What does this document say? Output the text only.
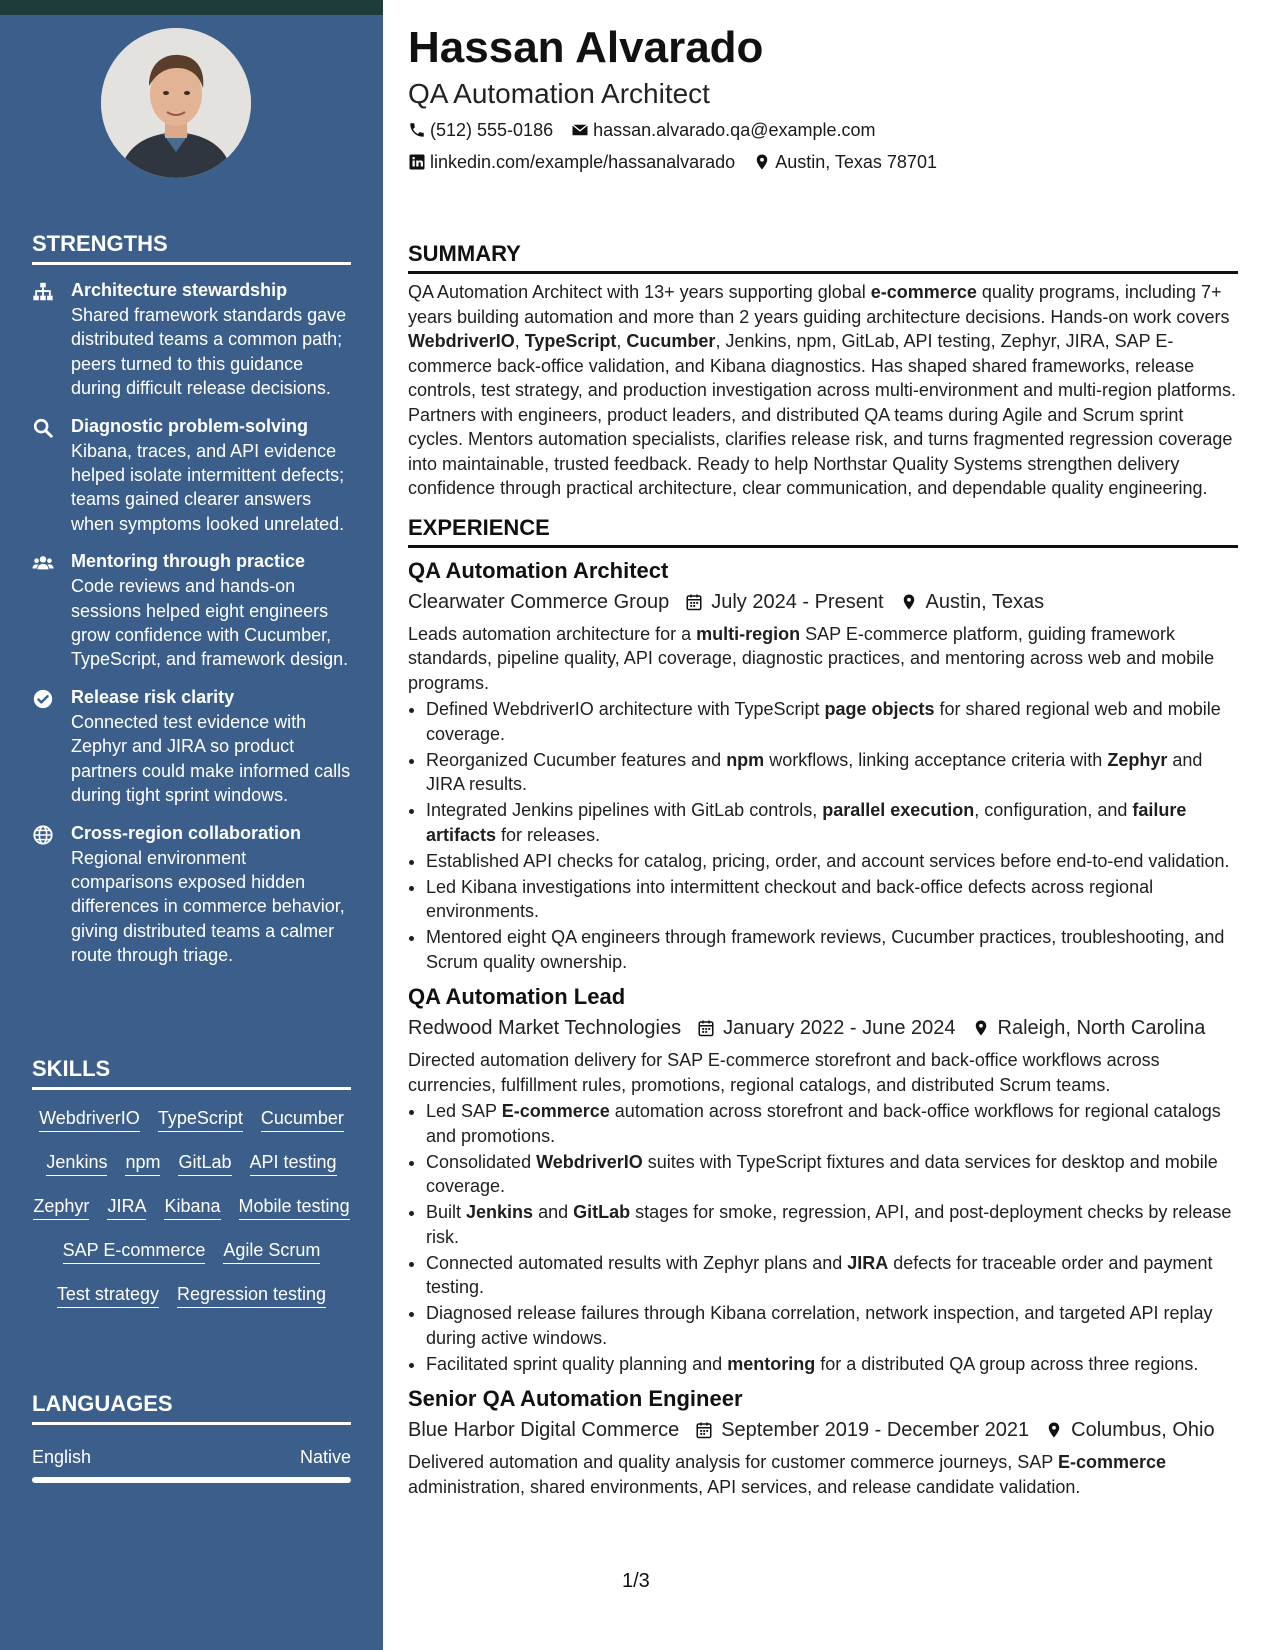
STRENGTHS
Architecture stewardship
Shared framework standards gave distributed teams a common path; peers turned to this guidance during difficult release decisions.
Diagnostic problem-solving
Kibana, traces, and API evidence helped isolate intermittent defects; teams gained clearer answers when symptoms looked unrelated.
Mentoring through practice
Code reviews and hands-on sessions helped eight engineers grow confidence with Cucumber, TypeScript, and framework design.
Release risk clarity
Connected test evidence with Zephyr and JIRA so product partners could make informed calls during tight sprint windows.
Cross-region collaboration
Regional environment comparisons exposed hidden differences in commerce behavior, giving distributed teams a calmer route through triage.
SKILLS
WebdriverIO TypeScript Cucumber
Jenkins npm GitLab API testing
Zephyr JIRA Kibana Mobile testing
SAP E-commerce Agile Scrum
Test strategy Regression testing
LANGUAGES
English	Native
Hassan Alvarado
QA Automation Architect
(512) 555-0186 hassan.alvarado.qa@example.com
linkedin.com/example/hassanalvarado Austin, Texas 78701
SUMMARY

QA Automation Architect with 13+ years supporting global e-commerce quality programs, including 7+ years building automation and more than 2 years guiding architecture decisions. Hands-on work covers WebdriverIO, TypeScript, Cucumber, Jenkins, npm, GitLab, API testing, Zephyr, JIRA, SAP E-commerce back-office validation, and Kibana diagnostics. Has shaped shared frameworks, release controls, test strategy, and production investigation across multi-environment and multi-region platforms. Partners with engineers, product leaders, and distributed QA teams during Agile and Scrum sprint cycles. Mentors automation specialists, clarifies release risk, and turns fragmented regression coverage into maintainable, trusted feedback. Ready to help Northstar Quality Systems strengthen delivery confidence through practical architecture, clear communication, and dependable quality engineering.

EXPERIENCE
QA Automation Architect
Clearwater Commerce Group July 2024 - Present Austin, Texas

Leads automation architecture for a multi-region SAP E-commerce platform, guiding framework standards, pipeline quality, API coverage, diagnostic practices, and mentoring across web and mobile programs.

• Defined WebdriverIO architecture with TypeScript page objects for shared regional web and mobile coverage.
• Reorganized Cucumber features and npm workflows, linking acceptance criteria with Zephyr and JIRA results.
• Integrated Jenkins pipelines with GitLab controls, parallel execution, configuration, and failure artifacts for releases.
• Established API checks for catalog, pricing, order, and account services before end-to-end validation.
• Led Kibana investigations into intermittent checkout and back-office defects across regional environments.
• Mentored eight QA engineers through framework reviews, Cucumber practices, troubleshooting, and Scrum quality ownership.
QA Automation Lead
Redwood Market Technologies January 2022 - June 2024 Raleigh, North Carolina

Directed automation delivery for SAP E-commerce storefront and back-office workflows across currencies, fulfillment rules, promotions, regional catalogs, and distributed Scrum teams.

• Led SAP E-commerce automation across storefront and back-office workflows for regional catalogs and promotions.
• Consolidated WebdriverIO suites with TypeScript fixtures and data services for desktop and mobile coverage.
• Built Jenkins and GitLab stages for smoke, regression, API, and post-deployment checks by release risk.
• Connected automated results with Zephyr plans and JIRA defects for traceable order and payment testing.
• Diagnosed release failures through Kibana correlation, network inspection, and targeted API replay during active windows.
• Facilitated sprint quality planning and mentoring for a distributed QA group across three regions.
Senior QA Automation Engineer
Blue Harbor Digital Commerce September 2019 - December 2021 Columbus, Ohio

Delivered automation and quality analysis for customer commerce journeys, SAP E-commerce administration, shared environments, API services, and release candidate validation.

1/3
